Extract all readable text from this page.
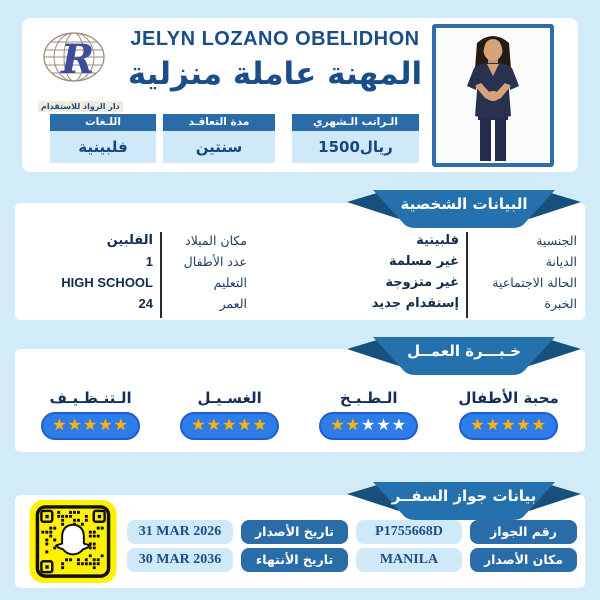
R
دار الرواد للاستقدام
JELYN LOZANO OBELIDHON
المهنة عاملة منزلية
اللـغات
فلبينية
مدة التعاقـد
سنتين
الـراتب الـشهري
1500ريال
البيانات الشخصية
الجنسية
الديانة
الحالة الاجتماعية
الخبرة
فلبينية
غير مسلمة
غير متزوجة
إستقدام جديد
مكان الميلاد
عدد الأطفال
التعليم
العمر
الفلبين
1
HIGH SCHOOL
24
خـبـــرة العمــل
محبة الأطفال
★★★★★
الـطـبـخ
★★★★★
الغسـيـل
★★★★★
الـتنـظـيـف
★★★★★
بيانات جواز السفــر
رقم الجواز
P1755668D
تاريخ الأصدار
31 MAR 2026
مكان الأصدار
MANILA
تاريخ الأنتهاء
30 MAR 2036
